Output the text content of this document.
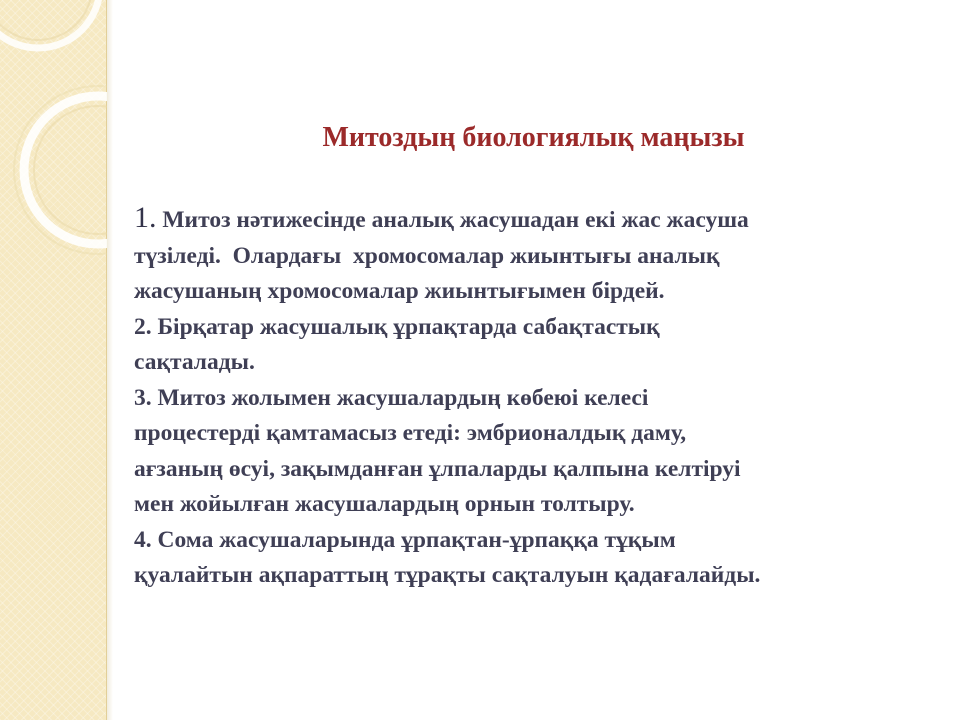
Митоздың биологиялық маңызы
1. Митоз нәтижесінде аналық жасушадан екі жас жасуша
түзіледі.  Олардағы  хромосомалар жиынтығы аналық
жасушаның хромосомалар жиынтығымен бірдей.
2. Бірқатар жасушалық ұрпақтарда сабақтастық
сақталады.
3. Митоз жолымен жасушалардың көбеюі келесі
процестерді қамтамасыз етеді: эмбрионалдық даму,
ағзаның өсуі, зақымданған ұлпаларды қалпына келтіруі
мен жойылған жасушалардың орнын толтыру.
4. Сома жасушаларында ұрпақтан-ұрпаққа тұқым
қуалайтын ақпараттың тұрақты сақталуын қадағалайды.
